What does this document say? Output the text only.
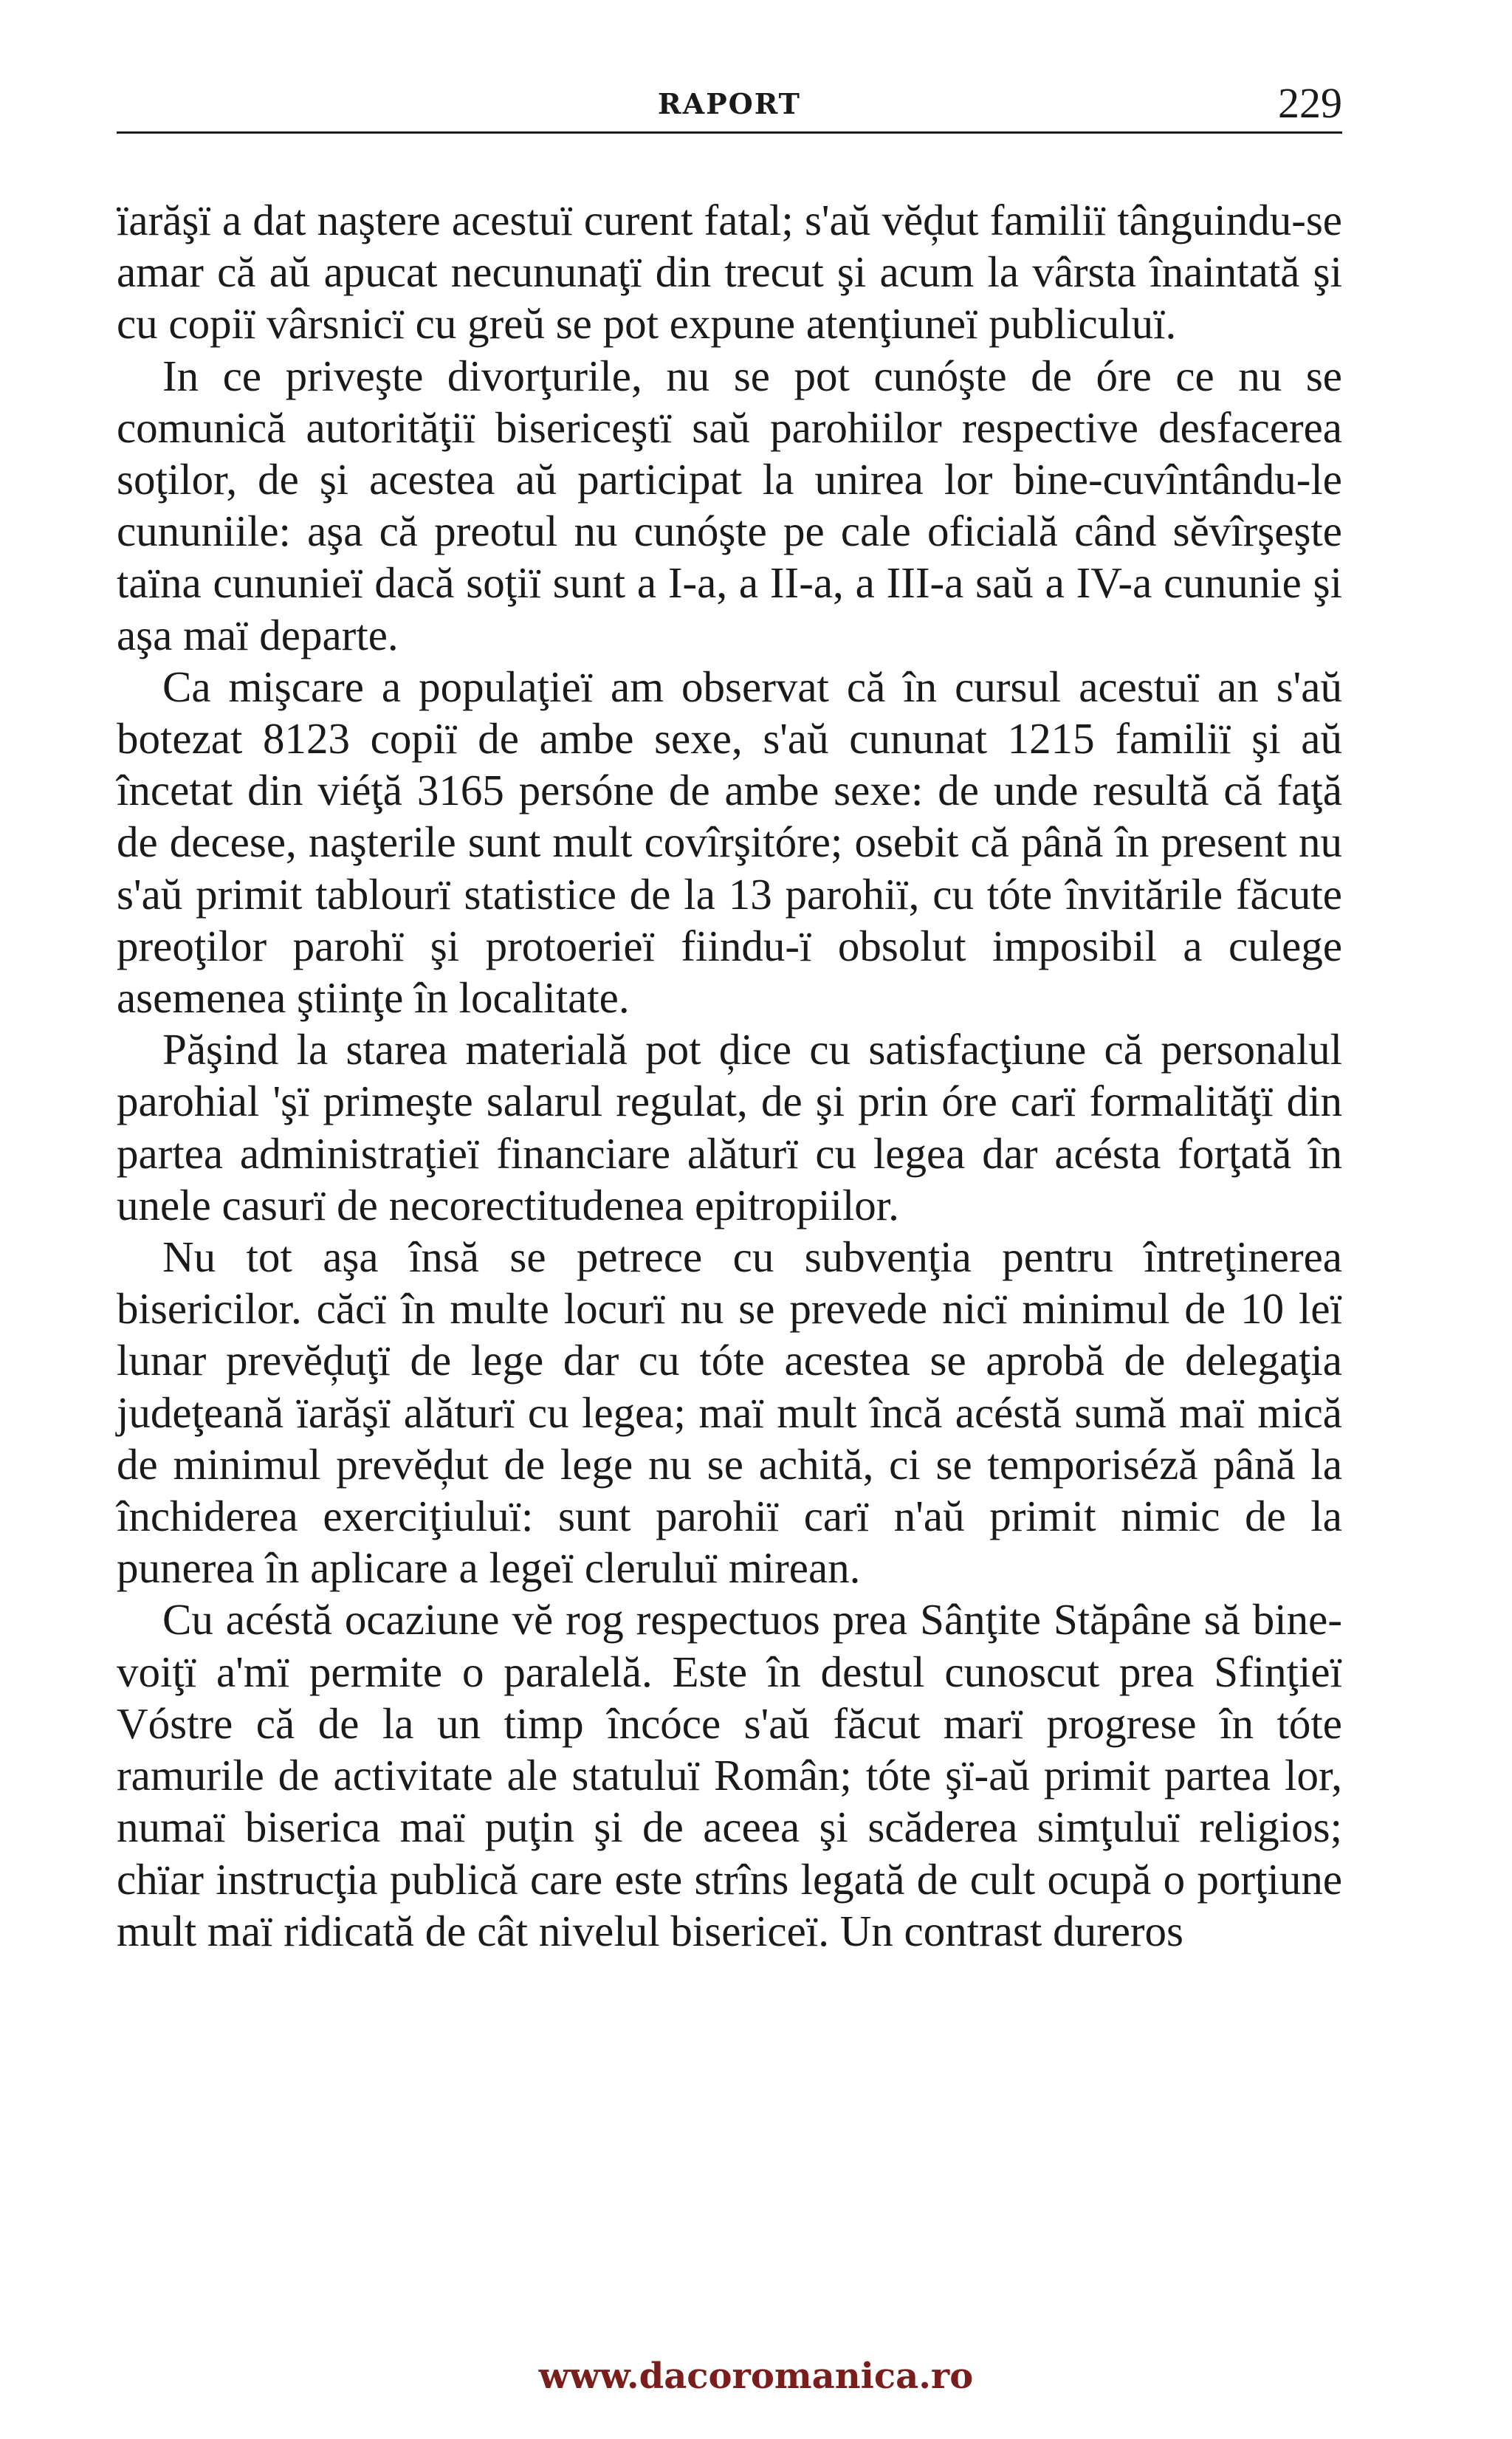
RAPORT	229

ïarăşï a dat naştere acestuï curent fatal; s'aŭ vĕḑut familiï tânguindu-se amar că aŭ apucat necununaţï din trecut şi acum la vârsta înaintată şi cu copiï vârsnicï cu greŭ se pot expune atenţiuneï publiculuï.

In ce priveşte divorţurile, nu se pot cunóşte de óre ce nu se comunică autorităţiï bisericeştï saŭ parohiilor respective desfacerea soţilor, de şi acestea aŭ participat la unirea lor bine-cuvîntându-le cununiile: aşa că preotul nu cunóşte pe cale oficială când sĕvîrşeşte taïna cununieï dacă soţiï sunt a I-a, a II-a, a III-a saŭ a IV-a cununie şi aşa maï departe.

Ca mişcare a populaţieï am observat că în cursul acestuï an s'aŭ botezat 8123 copiï de ambe sexe, s'aŭ cununat 1215 familiï şi aŭ încetat din viéţă 3165 persóne de ambe sexe: de unde resultă că faţă de decese, naşterile sunt mult covîrşitóre; osebit că până în present nu s'aŭ primit tablourï statistice de la 13 parohiï, cu tóte învitările făcute preoţilor parohï şi protoerieï fiindu-ï obsolut imposibil a culege asemenea ştiinţe în localitate.

Păşind la starea materială pot ḑice cu satisfacţiune că personalul parohial 'şï primeşte salarul regulat, de şi prin óre carï formalităţï din partea administraţieï financiare alăturï cu legea dar acésta forţată în unele casurï de necorectitudenea epitropiilor.

Nu tot aşa însă se petrece cu subvenţia pentru întreţinerea bisericilor. căcï în multe locurï nu se prevede nicï minimul de 10 leï lunar prevĕḑuţï de lege dar cu tóte acestea se aprobă de delegaţia judeţeană ïarăşï alăturï cu legea; maï mult încă acéstă sumă maï mică de minimul prevĕḑut de lege nu se achită, ci se temporiséză până la închiderea exerciţiuluï: sunt parohiï carï n'aŭ primit nimic de la punerea în aplicare a legeï cleruluï mirean.

Cu acéstă ocaziune vĕ rog respectuos prea Sânţite Stăpâne să bine-voiţï a'mï permite o paralelă. Este în destul cunoscut prea Sfinţieï Vóstre că de la un timp încóce s'aŭ făcut marï progrese în tóte ramurile de activitate ale statuluï Român; tóte şï-aŭ primit partea lor, numaï biserica maï puţin şi de aceea şi scăderea simţuluï religios; chïar instrucţia publică care este strîns legată de cult ocupă o porţiune mult maï ridicată de cât nivelul bisericeï. Un contrast dureros

www.dacoromanica.ro
